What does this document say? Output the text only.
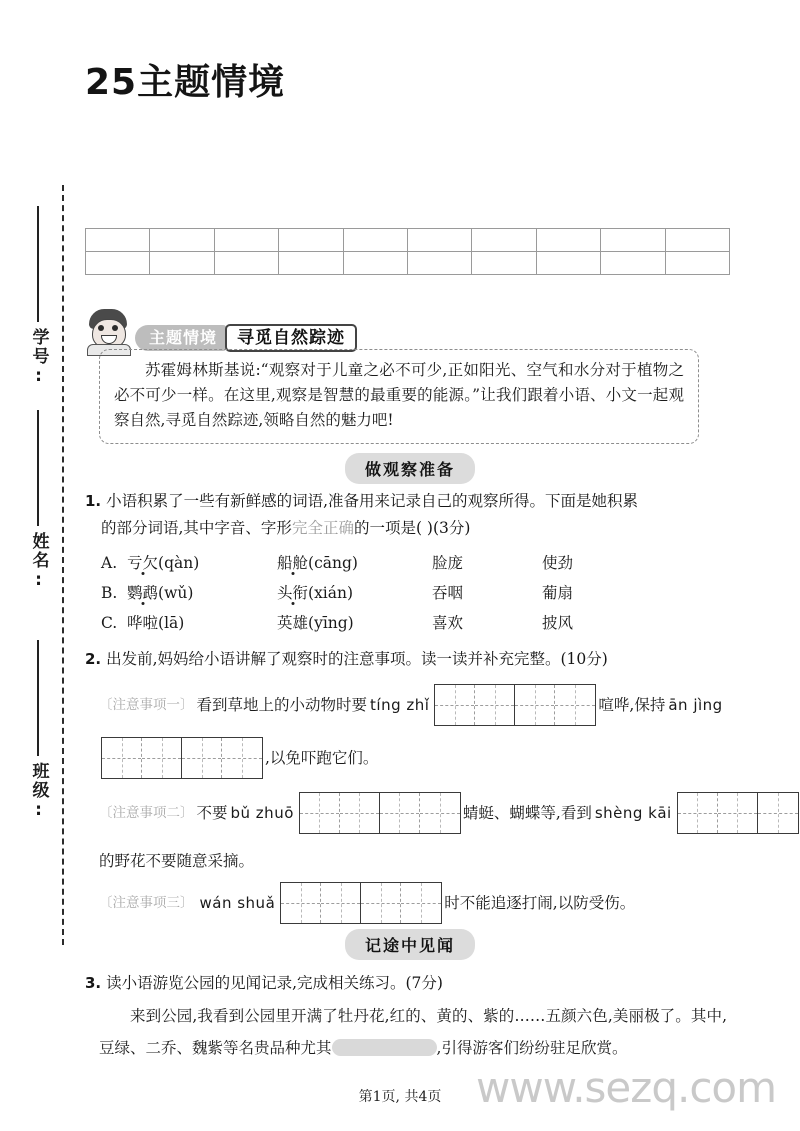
25主题情境
学号:
姓名:
班级:

主题情境	寻觅自然踪迹
苏霍姆林斯基说:“观察对于儿童之必不可少,正如阳光、空气和水分对于植物之必不可少一样。在这里,观察是智慧的最重要的能源。”让我们跟着小语、小文一起观察自然,寻觅自然踪迹,领略自然的魅力吧!
做观察准备
1. 小语积累了一些有新鲜感的词语,准备用来记录自己的观察所得。下面是她积累
的部分词语,其中字音、字形完全正确的一项是( )(3分)
A. 亏欠(qàn)	船舱(cāng)	脸庞	使劲
B. 鹦鹉(wǔ)	头衔(xián)	吞咽	葡扇
C. 哗啦(lā)	英雄(yīng)	喜欢	披风
2. 出发前,妈妈给小语讲解了观察时的注意事项。读一读并补充完整。(10分)
〔注意事项一〕 看到草地上的小动物时要 tíng zhǐ	喧哗,保持 ān jìng
,以免吓跑它们。
〔注意事项二〕 不要 bǔ zhuō	蜻蜓、蝴蝶等,看到 shèng kāi
的野花不要随意采摘。
〔注意事项三〕 wán shuǎ	时不能追逐打闹,以防受伤。
记途中见闻
3. 读小语游览公园的见闻记录,完成相关练习。(7分)
来到公园,我看到公园里开满了牡丹花,红的、黄的、紫的……五颜六色,美丽极了。其中,豆绿、二乔、魏紫等名贵品种尤其	,引得游客们纷纷驻足欣赏。
www.sezq.com
第1页, 共4页
